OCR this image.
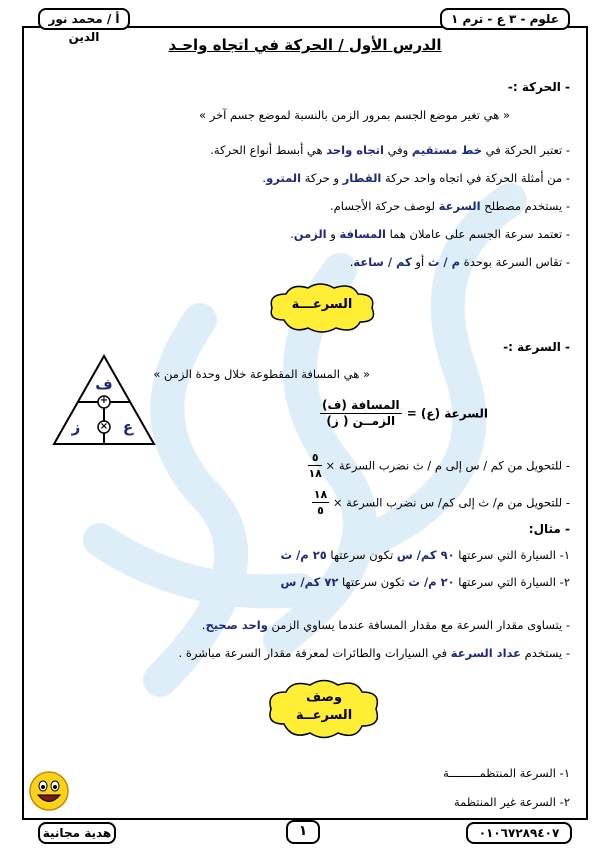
أ / محمد نور الدين
علوم - ٣ ع - ترم ١
الدرس الأول / الحركة في اتجاه واحـد
- الحركة :-
« هي تغير موضع الجسم بمرور الزمن بالنسبة لموضع جسم آخر »
- تعتبر الحركة في خط مستقيم وفي اتجاه واحد هي أبسط أنواع الحركة.
- من أمثلة الحركة في اتجاه واحد حركة القطار و حركة المترو.
- يستخدم مصطلح السرعة لوصف حركة الأجسام.
- تعتمد سرعة الجسم على عاملان هما المسافة و الزمن.
- تقاس السرعة بوحدة م / ث أو كم / ساعة.
السرعـــة
- السرعة :-
« هي المسافة المقطوعة خلال وحدة الزمن »
السرعة (ع) =
$\frac{\text{المسافة (ف)}}{\text{الزمــن ( ز)}}$
ف
+
ز	× ع
- للتحويل من كم / س إلى م / ث نضرب السرعة ×
$\frac{٥}{١٨}$
- للتحويل من م/ ث إلى كم/ س نضرب السرعة ×
$\frac{١٨}{٥}$
- مثال:
١- السيارة التي سرعتها ٩٠ كم/ س تكون سرعتها ٢٥ م/ ث
٢- السيارة التي سرعتها ٢٠ م/ ث تكون سرعتها ٧٢ كم/ س
- يتساوى مقدار السرعة مع مقدار المسافة عندما يساوي الزمن واحد صحيح.
- يستخدم عداد السرعة في السيارات والطائرات لمعرفة مقدار السرعة مباشرة .
وصف
السرعــة
١- السرعة المنتظمـــــــــة
٢- السرعة غير المنتظمة
هدية مجانية	١	٠١٠٦٧٢٨٩٤٠٧
